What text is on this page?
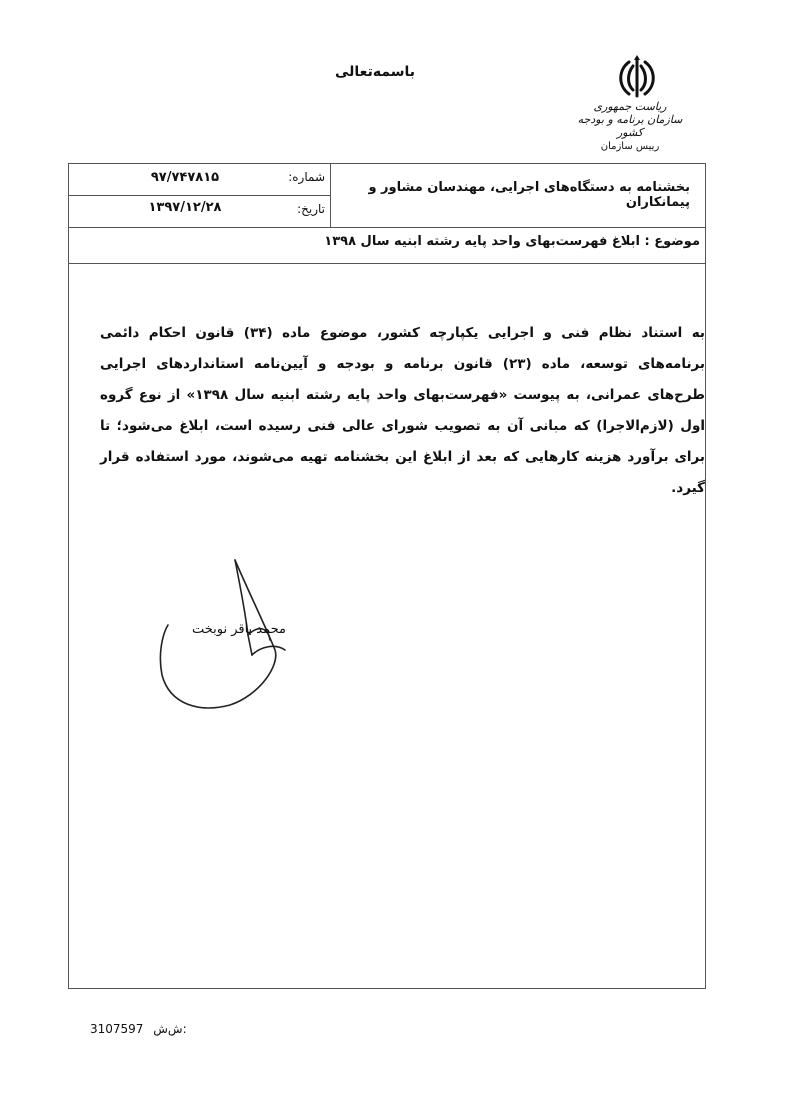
باسمه‌تعالی
ریاست جمهوری
سازمان برنامه و بودجه کشور
رییس سازمان
بخشنامه به دستگاه‌های اجرایی، مهندسان مشاور و پیمانکاران
شماره:
۹۷/۷۴۷۸۱۵
تاریخ:
۱۳۹۷/۱۲/۲۸
موضوع : ابلاغ فهرست‌بهای واحد پایه رشته ابنیه سال ۱۳۹۸

به استناد نظام فنی و اجرایی یکپارچه کشور، موضوع ماده (۳۴) قانون احکام دائمی برنامه‌های توسعه، ماده (۲۳) قانون برنامه و بودجه و آیین‌نامه استانداردهای اجرایی طرح‌های عمرانی، به پیوست «فهرست‌بهای واحد پایه رشته ابنیه سال ۱۳۹۸» از نوع گروه اول (لازم‌الاجرا) که مبانی آن به تصویب شورای عالی فنی رسیده است، ابلاغ می‌شود؛ تا برای برآورد هزینه کارهایی که بعد از ابلاغ این بخشنامه تهیه می‌شوند، مورد استفاده قرار گیرد.

محمد باقر نوبخت
3107597 ش‌ش:
